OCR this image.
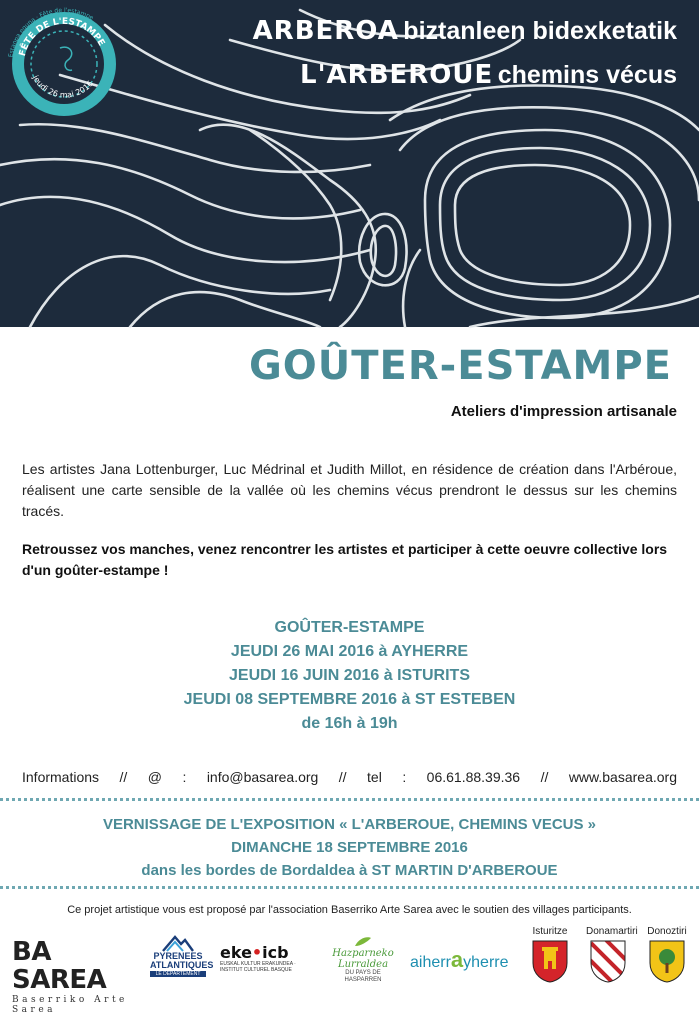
FÊTE DE L'ESTAMPE
jeudi 26 mai 2016
Estanpa eguna · Fête de l'estampe	ARBEROA biztanleen bidexketatik
L'ARBEROUE chemins vécus
GOÛTER-ESTAMPE
Ateliers d'impression artisanale

Les artistes Jana Lottenburger, Luc Médrinal et Judith Millot, en résidence de création dans l'Arbéroue, réalisent une carte sensible de la vallée où les chemins vécus prendront le dessus sur les chemins tracés.

Retroussez vos manches, venez rencontrer les artistes et participer à cette oeuvre collective lors d'un goûter-estampe !

GOÛTER-ESTAMPE
JEUDI 26 MAI 2016 à AYHERRE
JEUDI 16 JUIN 2016 à ISTURITS
JEUDI 08 SEPTEMBRE 2016 à ST ESTEBEN
de 16h à 19h
Informations // @ : info@basarea.org // tel : 06.61.88.39.36 // www.basarea.org
VERNISSAGE DE L'EXPOSITION « L'ARBEROUE, CHEMINS VECUS »
DIMANCHE 18 SEPTEMBRE 2016
dans les bordes de Bordaldea à ST MARTIN D'ARBEROUE
Ce projet artistique vous est proposé par l'association Baserriko Arte Sarea avec le soutien des villages participants.
BA SAREA
Baserriko Arte Sarea
PYRENEES
ATLANTIQUES
LE DÉPARTEMENT
eke•icb
EUSKAL KULTUR ERAKUNDEA · INSTITUT CULTUREL BASQUE
Hazparneko Lurraldea
DU PAYS DE HASPARREN
aiherrayherre
Isturitze	Donamartiri Donoztiri
